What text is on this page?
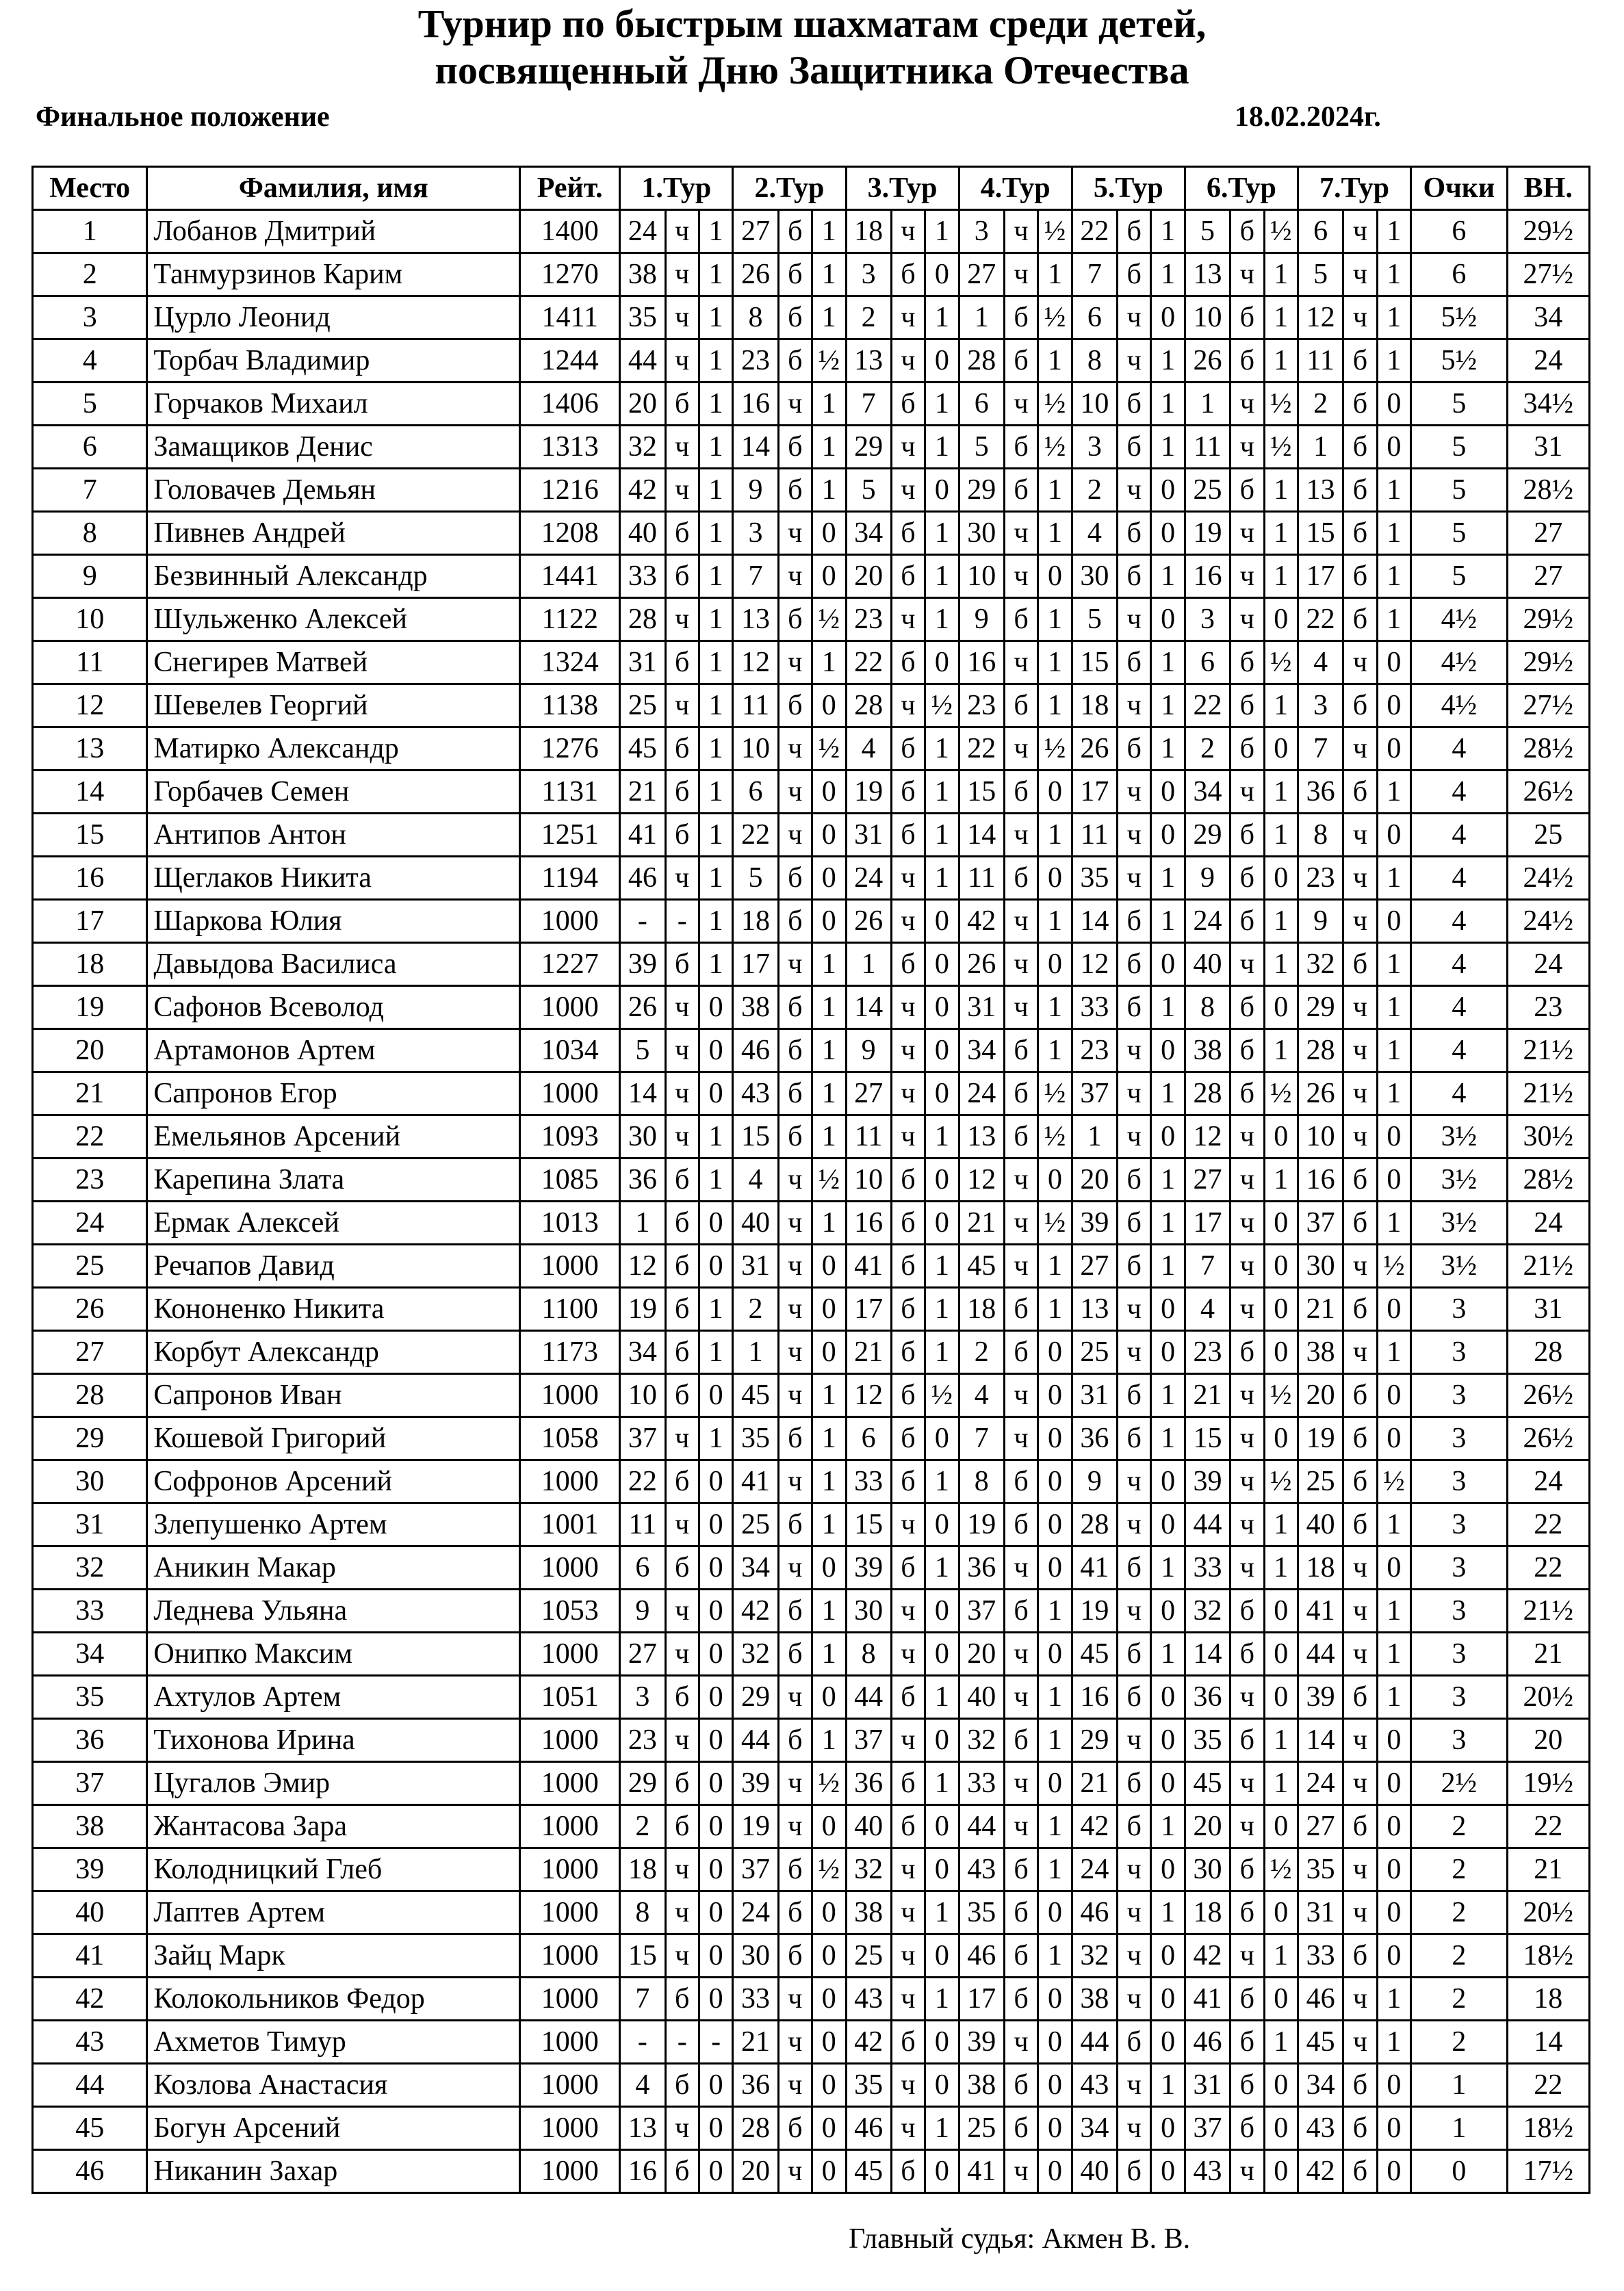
Турнир по быстрым шахматам среди детей,
посвященный Дню Защитника Отечества
Финальное положение	18.02.2024г.
Место	Фамилия, имя	Рейт.	1.Тур			2.Тур			3.Тур			4.Тур			5.Тур			6.Тур			7.Тур			Очки	ВН.
1	Лобанов Дмитрий	1400	24	ч	1	27	б	1	18	ч	1	3	ч	½	22	б	1	5	б	½	6	ч	1	6	29½
2	Танмурзинов Карим	1270	38	ч	1	26	б	1	3	б	0	27	ч	1	7	б	1	13	ч	1	5	ч	1	6	27½
3	Цурло Леонид	1411	35	ч	1	8	б	1	2	ч	1	1	б	½	6	ч	0	10	б	1	12	ч	1	5½	34
4	Торбач Владимир	1244	44	ч	1	23	б	½	13	ч	0	28	б	1	8	ч	1	26	б	1	11	б	1	5½	24
5	Горчаков Михаил	1406	20	б	1	16	ч	1	7	б	1	6	ч	½	10	б	1	1	ч	½	2	б	0	5	34½
6	Замащиков Денис	1313	32	ч	1	14	б	1	29	ч	1	5	б	½	3	б	1	11	ч	½	1	б	0	5	31
7	Головачев Демьян	1216	42	ч	1	9	б	1	5	ч	0	29	б	1	2	ч	0	25	б	1	13	б	1	5	28½
8	Пивнев Андрей	1208	40	б	1	3	ч	0	34	б	1	30	ч	1	4	б	0	19	ч	1	15	б	1	5	27
9	Безвинный Александр	1441	33	б	1	7	ч	0	20	б	1	10	ч	0	30	б	1	16	ч	1	17	б	1	5	27
10	Шульженко Алексей	1122	28	ч	1	13	б	½	23	ч	1	9	б	1	5	ч	0	3	ч	0	22	б	1	4½	29½
11	Снегирев Матвей	1324	31	б	1	12	ч	1	22	б	0	16	ч	1	15	б	1	6	б	½	4	ч	0	4½	29½
12	Шевелев Георгий	1138	25	ч	1	11	б	0	28	ч	½	23	б	1	18	ч	1	22	б	1	3	б	0	4½	27½
13	Матирко Александр	1276	45	б	1	10	ч	½	4	б	1	22	ч	½	26	б	1	2	б	0	7	ч	0	4	28½
14	Горбачев Семен	1131	21	б	1	6	ч	0	19	б	1	15	б	0	17	ч	0	34	ч	1	36	б	1	4	26½
15	Антипов Антон	1251	41	б	1	22	ч	0	31	б	1	14	ч	1	11	ч	0	29	б	1	8	ч	0	4	25
16	Щеглаков Никита	1194	46	ч	1	5	б	0	24	ч	1	11	б	0	35	ч	1	9	б	0	23	ч	1	4	24½
17	Шаркова Юлия	1000	-	-	1	18	б	0	26	ч	0	42	ч	1	14	б	1	24	б	1	9	ч	0	4	24½
18	Давыдова Василиса	1227	39	б	1	17	ч	1	1	б	0	26	ч	0	12	б	0	40	ч	1	32	б	1	4	24
19	Сафонов Всеволод	1000	26	ч	0	38	б	1	14	ч	0	31	ч	1	33	б	1	8	б	0	29	ч	1	4	23
20	Артамонов Артем	1034	5	ч	0	46	б	1	9	ч	0	34	б	1	23	ч	0	38	б	1	28	ч	1	4	21½
21	Сапронов Егор	1000	14	ч	0	43	б	1	27	ч	0	24	б	½	37	ч	1	28	б	½	26	ч	1	4	21½
22	Емельянов Арсений	1093	30	ч	1	15	б	1	11	ч	1	13	б	½	1	ч	0	12	ч	0	10	ч	0	3½	30½
23	Карепина Злата	1085	36	б	1	4	ч	½	10	б	0	12	ч	0	20	б	1	27	ч	1	16	б	0	3½	28½
24	Ермак Алексей	1013	1	б	0	40	ч	1	16	б	0	21	ч	½	39	б	1	17	ч	0	37	б	1	3½	24
25	Речапов Давид	1000	12	б	0	31	ч	0	41	б	1	45	ч	1	27	б	1	7	ч	0	30	ч	½	3½	21½
26	Кононенко Никита	1100	19	б	1	2	ч	0	17	б	1	18	б	1	13	ч	0	4	ч	0	21	б	0	3	31
27	Корбут Александр	1173	34	б	1	1	ч	0	21	б	1	2	б	0	25	ч	0	23	б	0	38	ч	1	3	28
28	Сапронов Иван	1000	10	б	0	45	ч	1	12	б	½	4	ч	0	31	б	1	21	ч	½	20	б	0	3	26½
29	Кошевой Григорий	1058	37	ч	1	35	б	1	6	б	0	7	ч	0	36	б	1	15	ч	0	19	б	0	3	26½
30	Софронов Арсений	1000	22	б	0	41	ч	1	33	б	1	8	б	0	9	ч	0	39	ч	½	25	б	½	3	24
31	Злепушенко Артем	1001	11	ч	0	25	б	1	15	ч	0	19	б	0	28	ч	0	44	ч	1	40	б	1	3	22
32	Аникин Макар	1000	6	б	0	34	ч	0	39	б	1	36	ч	0	41	б	1	33	ч	1	18	ч	0	3	22
33	Леднева Ульяна	1053	9	ч	0	42	б	1	30	ч	0	37	б	1	19	ч	0	32	б	0	41	ч	1	3	21½
34	Онипко Максим	1000	27	ч	0	32	б	1	8	ч	0	20	ч	0	45	б	1	14	б	0	44	ч	1	3	21
35	Ахтулов Артем	1051	3	б	0	29	ч	0	44	б	1	40	ч	1	16	б	0	36	ч	0	39	б	1	3	20½
36	Тихонова Ирина	1000	23	ч	0	44	б	1	37	ч	0	32	б	1	29	ч	0	35	б	1	14	ч	0	3	20
37	Цугалов Эмир	1000	29	б	0	39	ч	½	36	б	1	33	ч	0	21	б	0	45	ч	1	24	ч	0	2½	19½
38	Жантасова Зара	1000	2	б	0	19	ч	0	40	б	0	44	ч	1	42	б	1	20	ч	0	27	б	0	2	22
39	Колодницкий Глеб	1000	18	ч	0	37	б	½	32	ч	0	43	б	1	24	ч	0	30	б	½	35	ч	0	2	21
40	Лаптев Артем	1000	8	ч	0	24	б	0	38	ч	1	35	б	0	46	ч	1	18	б	0	31	ч	0	2	20½
41	Зайц Марк	1000	15	ч	0	30	б	0	25	ч	0	46	б	1	32	ч	0	42	ч	1	33	б	0	2	18½
42	Колокольников Федор	1000	7	б	0	33	ч	0	43	ч	1	17	б	0	38	ч	0	41	б	0	46	ч	1	2	18
43	Ахметов Тимур	1000	-	-	-	21	ч	0	42	б	0	39	ч	0	44	б	0	46	б	1	45	ч	1	2	14
44	Козлова Анастасия	1000	4	б	0	36	ч	0	35	ч	0	38	б	0	43	ч	1	31	б	0	34	б	0	1	22
45	Богун Арсений	1000	13	ч	0	28	б	0	46	ч	1	25	б	0	34	ч	0	37	б	0	43	б	0	1	18½
46	Никанин Захар	1000	16	б	0	20	ч	0	45	б	0	41	ч	0	40	б	0	43	ч	0	42	б	0	0	17½
Главный судья: Акмен В. В.
